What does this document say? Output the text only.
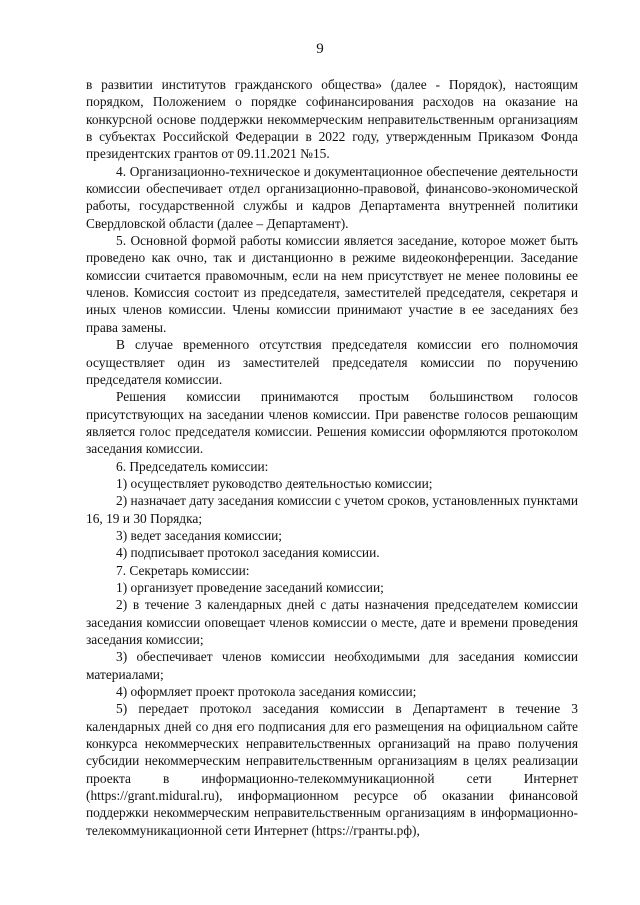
9

в развитии институтов гражданского общества» (далее - Порядок), настоящим порядком, Положением о порядке софинансирования расходов на оказание на конкурсной основе поддержки некоммерческим неправительственным организациям в субъектах Российской Федерации в 2022 году, утвержденным Приказом Фонда президентских грантов от 09.11.2021 №15.

4. Организационно-техническое и документационное обеспечение деятельности комиссии обеспечивает отдел организационно-правовой, финансово-экономической работы, государственной службы и кадров Департамента внутренней политики Свердловской области (далее – Департамент).

5. Основной формой работы комиссии является заседание, которое может быть проведено как очно, так и дистанционно в режиме видеоконференции. Заседание комиссии считается правомочным, если на нем присутствует не менее половины ее членов. Комиссия состоит из председателя, заместителей председателя, секретаря и иных членов комиссии. Члены комиссии принимают участие в ее заседаниях без права замены.

В случае временного отсутствия председателя комиссии его полномочия осуществляет один из заместителей председателя комиссии по поручению председателя комиссии.

Решения комиссии принимаются простым большинством голосов присутствующих на заседании членов комиссии. При равенстве голосов решающим является голос председателя комиссии. Решения комиссии оформляются протоколом заседания комиссии.

6. Председатель комиссии:

1) осуществляет руководство деятельностью комиссии;

2) назначает дату заседания комиссии с учетом сроков, установленных пунктами 16, 19 и 30 Порядка;

3) ведет заседания комиссии;

4) подписывает протокол заседания комиссии.

7. Секретарь комиссии:

1) организует проведение заседаний комиссии;

2) в течение 3 календарных дней с даты назначения председателем комиссии заседания комиссии оповещает членов комиссии о месте, дате и времени проведения заседания комиссии;

3) обеспечивает членов комиссии необходимыми для заседания комиссии материалами;

4) оформляет проект протокола заседания комиссии;

5) передает протокол заседания комиссии в Департамент в течение 3 календарных дней со дня его подписания для его размещения на официальном сайте конкурса некоммерческих неправительственных организаций на право получения субсидии некоммерческим неправительственным организациям в целях реализации проекта в информационно-телекоммуникационной сети Интернет (https://grant.midural.ru), информационном ресурсе об оказании финансовой поддержки некоммерческим неправительственным организациям в информационно-телекоммуникационной сети Интернет (https://гранты.рф),
